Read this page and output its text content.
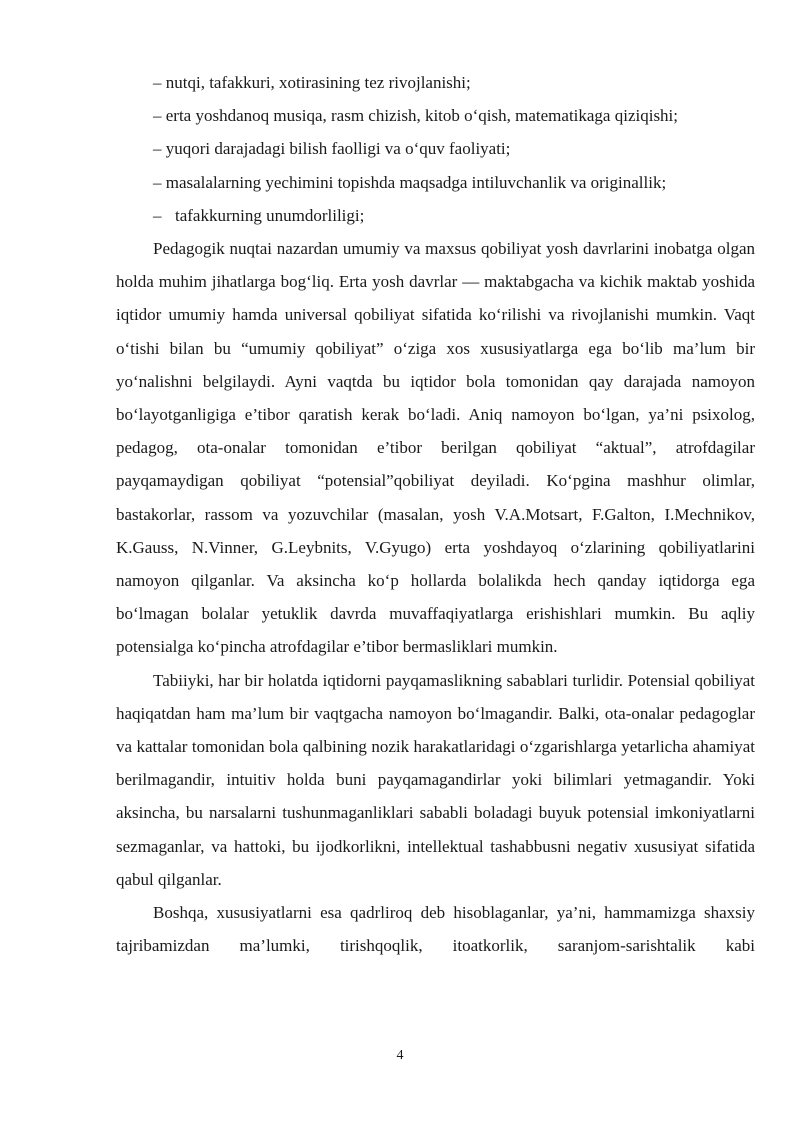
– nutqi, tafakkuri, xotirasining tez rivojlanishi;

– erta yoshdanoq musiqa, rasm chizish, kitob o‘qish, matematikaga qiziqishi;

– yuqori darajadagi bilish faolligi va o‘quv faoliyati;

– masalalarning yechimini topishda maqsadga intiluvchanlik va originallik;

– tafakkurning unumdorliligi;

Pedagogik nuqtai nazardan umumiy va maxsus qobiliyat yosh davrlarini inobatga olgan holda muhim jihatlarga bog‘liq. Erta yosh davrlar — maktabgacha va kichik maktab yoshida iqtidor umumiy hamda universal qobiliyat sifatida ko‘rilishi va rivojlanishi mumkin. Vaqt o‘tishi bilan bu “umumiy qobiliyat” o‘ziga xos xususiyatlarga ega bo‘lib ma’lum bir yo‘nalishni belgilaydi. Ayni vaqtda bu iqtidor bola tomonidan qay darajada namoyon bo‘layotganligiga e’tibor qaratish kerak bo‘ladi. Aniq namoyon bo‘lgan, ya’ni psixolog, pedagog, ota-onalar tomonidan e’tibor berilgan qobiliyat “aktual”, atrofdagilar payqamaydigan qobiliyat “potensial”qobiliyat deyiladi. Ko‘pgina mashhur olimlar, bastakorlar, rassom va yozuvchilar (masalan, yosh V.A.Motsart, F.Galton, I.Mechnikov, K.Gauss, N.Vinner, G.Leybnits, V.Gyugo) erta yoshdayoq o‘zlarining qobiliyatlarini namoyon qilganlar. Va aksincha ko‘p hollarda bolalikda hech qanday iqtidorga ega bo‘lmagan bolalar yetuklik davrda muvaffaqiyatlarga erishishlari mumkin. Bu aqliy potensialga ko‘pincha atrofdagilar e’tibor bermasliklari mumkin.

Tabiiyki, har bir holatda iqtidorni payqamaslikning sabablari turlidir. Potensial qobiliyat haqiqatdan ham ma’lum bir vaqtgacha namoyon bo‘lmagandir. Balki, ota-onalar pedagoglar va kattalar tomonidan bola qalbining nozik harakatlaridagi o‘zgarishlarga yetarlicha ahamiyat berilmagandir, intuitiv holda buni payqamagandirlar yoki bilimlari yetmagandir. Yoki aksincha, bu narsalarni tushunmaganliklari sababli boladagi buyuk potensial imkoniyatlarni sezmaganlar, va hattoki, bu ijodkorlikni, intellektual tashabbusni negativ xususiyat sifatida qabul qilganlar.

Boshqa, xususiyatlarni esa qadrliroq deb hisoblaganlar, ya’ni, hammamizga shaxsiy tajribamizdan ma’lumki, tirishqoqlik, itoatkorlik, saranjom-sarishtalik kabi

4
